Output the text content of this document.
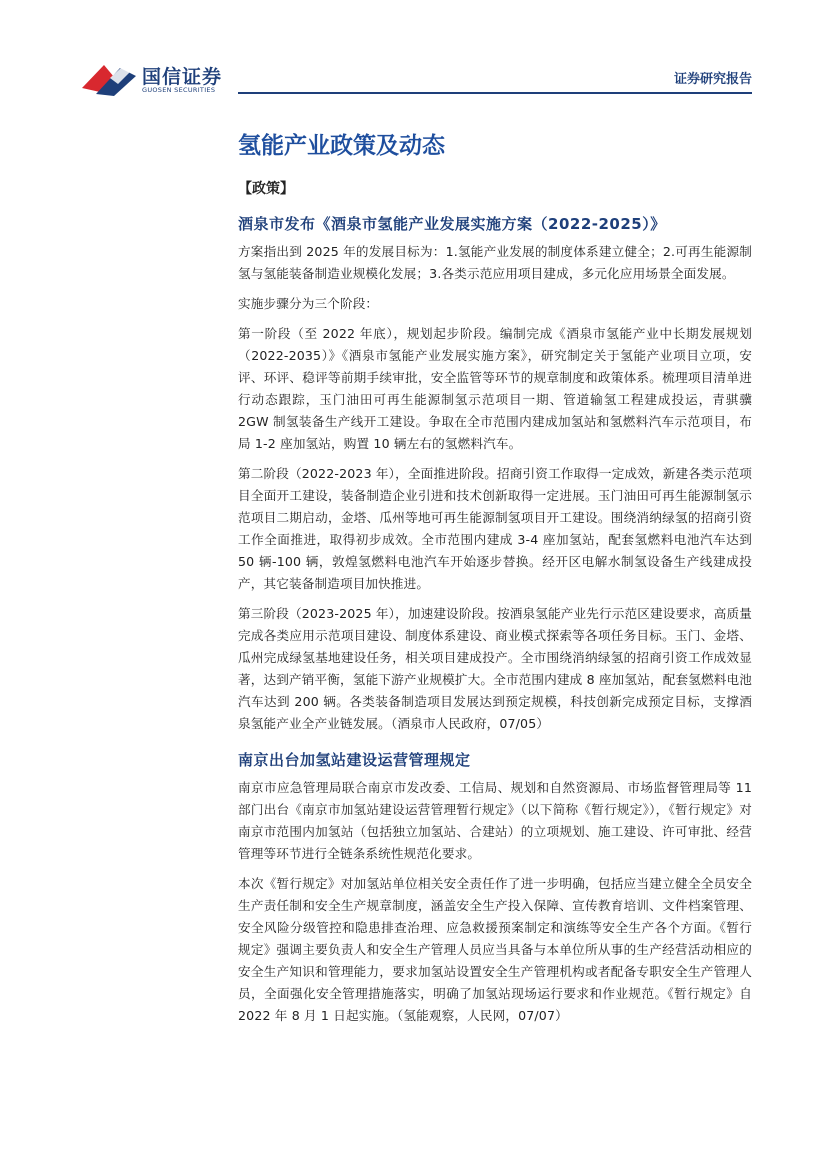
国信证券
GUOSEN SECURITIES
证券研究报告
氢能产业政策及动态
【政策】
酒泉市发布《酒泉市氢能产业发展实施方案（2022-2025）》

方案指出到 2025 年的发展目标为：1.氢能产业发展的制度体系建立健全；2.可再生能源制氢与氢能装备制造业规模化发展；3.各类示范应用项目建成，多元化应用场景全面发展。

实施步骤分为三个阶段：

第一阶段（至 2022 年底），规划起步阶段。编制完成《酒泉市氢能产业中长期发展规划（2022-2035）》《酒泉市氢能产业发展实施方案》，研究制定关于氢能产业项目立项，安评、环评、稳评等前期手续审批，安全监管等环节的规章制度和政策体系。梳理项目清单进行动态跟踪，玉门油田可再生能源制氢示范项目一期、管道输氢工程建成投运，青骐骥 2GW 制氢装备生产线开工建设。争取在全市范围内建成加氢站和氢燃料汽车示范项目，布局 1-2 座加氢站，购置 10 辆左右的氢燃料汽车。

第二阶段（2022-2023 年），全面推进阶段。招商引资工作取得一定成效，新建各类示范项目全面开工建设，装备制造企业引进和技术创新取得一定进展。玉门油田可再生能源制氢示范项目二期启动，金塔、瓜州等地可再生能源制氢项目开工建设。围绕消纳绿氢的招商引资工作全面推进，取得初步成效。全市范围内建成 3-4 座加氢站，配套氢燃料电池汽车达到 50 辆-100 辆，敦煌氢燃料电池汽车开始逐步替换。经开区电解水制氢设备生产线建成投产，其它装备制造项目加快推进。

第三阶段（2023-2025 年），加速建设阶段。按酒泉氢能产业先行示范区建设要求，高质量完成各类应用示范项目建设、制度体系建设、商业模式探索等各项任务目标。玉门、金塔、瓜州完成绿氢基地建设任务，相关项目建成投产。全市围绕消纳绿氢的招商引资工作成效显著，达到产销平衡，氢能下游产业规模扩大。全市范围内建成 8 座加氢站，配套氢燃料电池汽车达到 200 辆。各类装备制造项目发展达到预定规模，科技创新完成预定目标，支撑酒泉氢能产业全产业链发展。（酒泉市人民政府，07/05）

南京出台加氢站建设运营管理规定

南京市应急管理局联合南京市发改委、工信局、规划和自然资源局、市场监督管理局等 11 部门出台《南京市加氢站建设运营管理暂行规定》（以下简称《暂行规定》），《暂行规定》对南京市范围内加氢站（包括独立加氢站、合建站）的立项规划、施工建设、许可审批、经营管理等环节进行全链条系统性规范化要求。

本次《暂行规定》对加氢站单位相关安全责任作了进一步明确，包括应当建立健全全员安全生产责任制和安全生产规章制度，涵盖安全生产投入保障、宣传教育培训、文件档案管理、安全风险分级管控和隐患排查治理、应急救援预案制定和演练等安全生产各个方面。《暂行规定》强调主要负责人和安全生产管理人员应当具备与本单位所从事的生产经营活动相应的安全生产知识和管理能力，要求加氢站设置安全生产管理机构或者配备专职安全生产管理人员，全面强化安全管理措施落实，明确了加氢站现场运行要求和作业规范。《暂行规定》自 2022 年 8 月 1 日起实施。（氢能观察，人民网，07/07）
